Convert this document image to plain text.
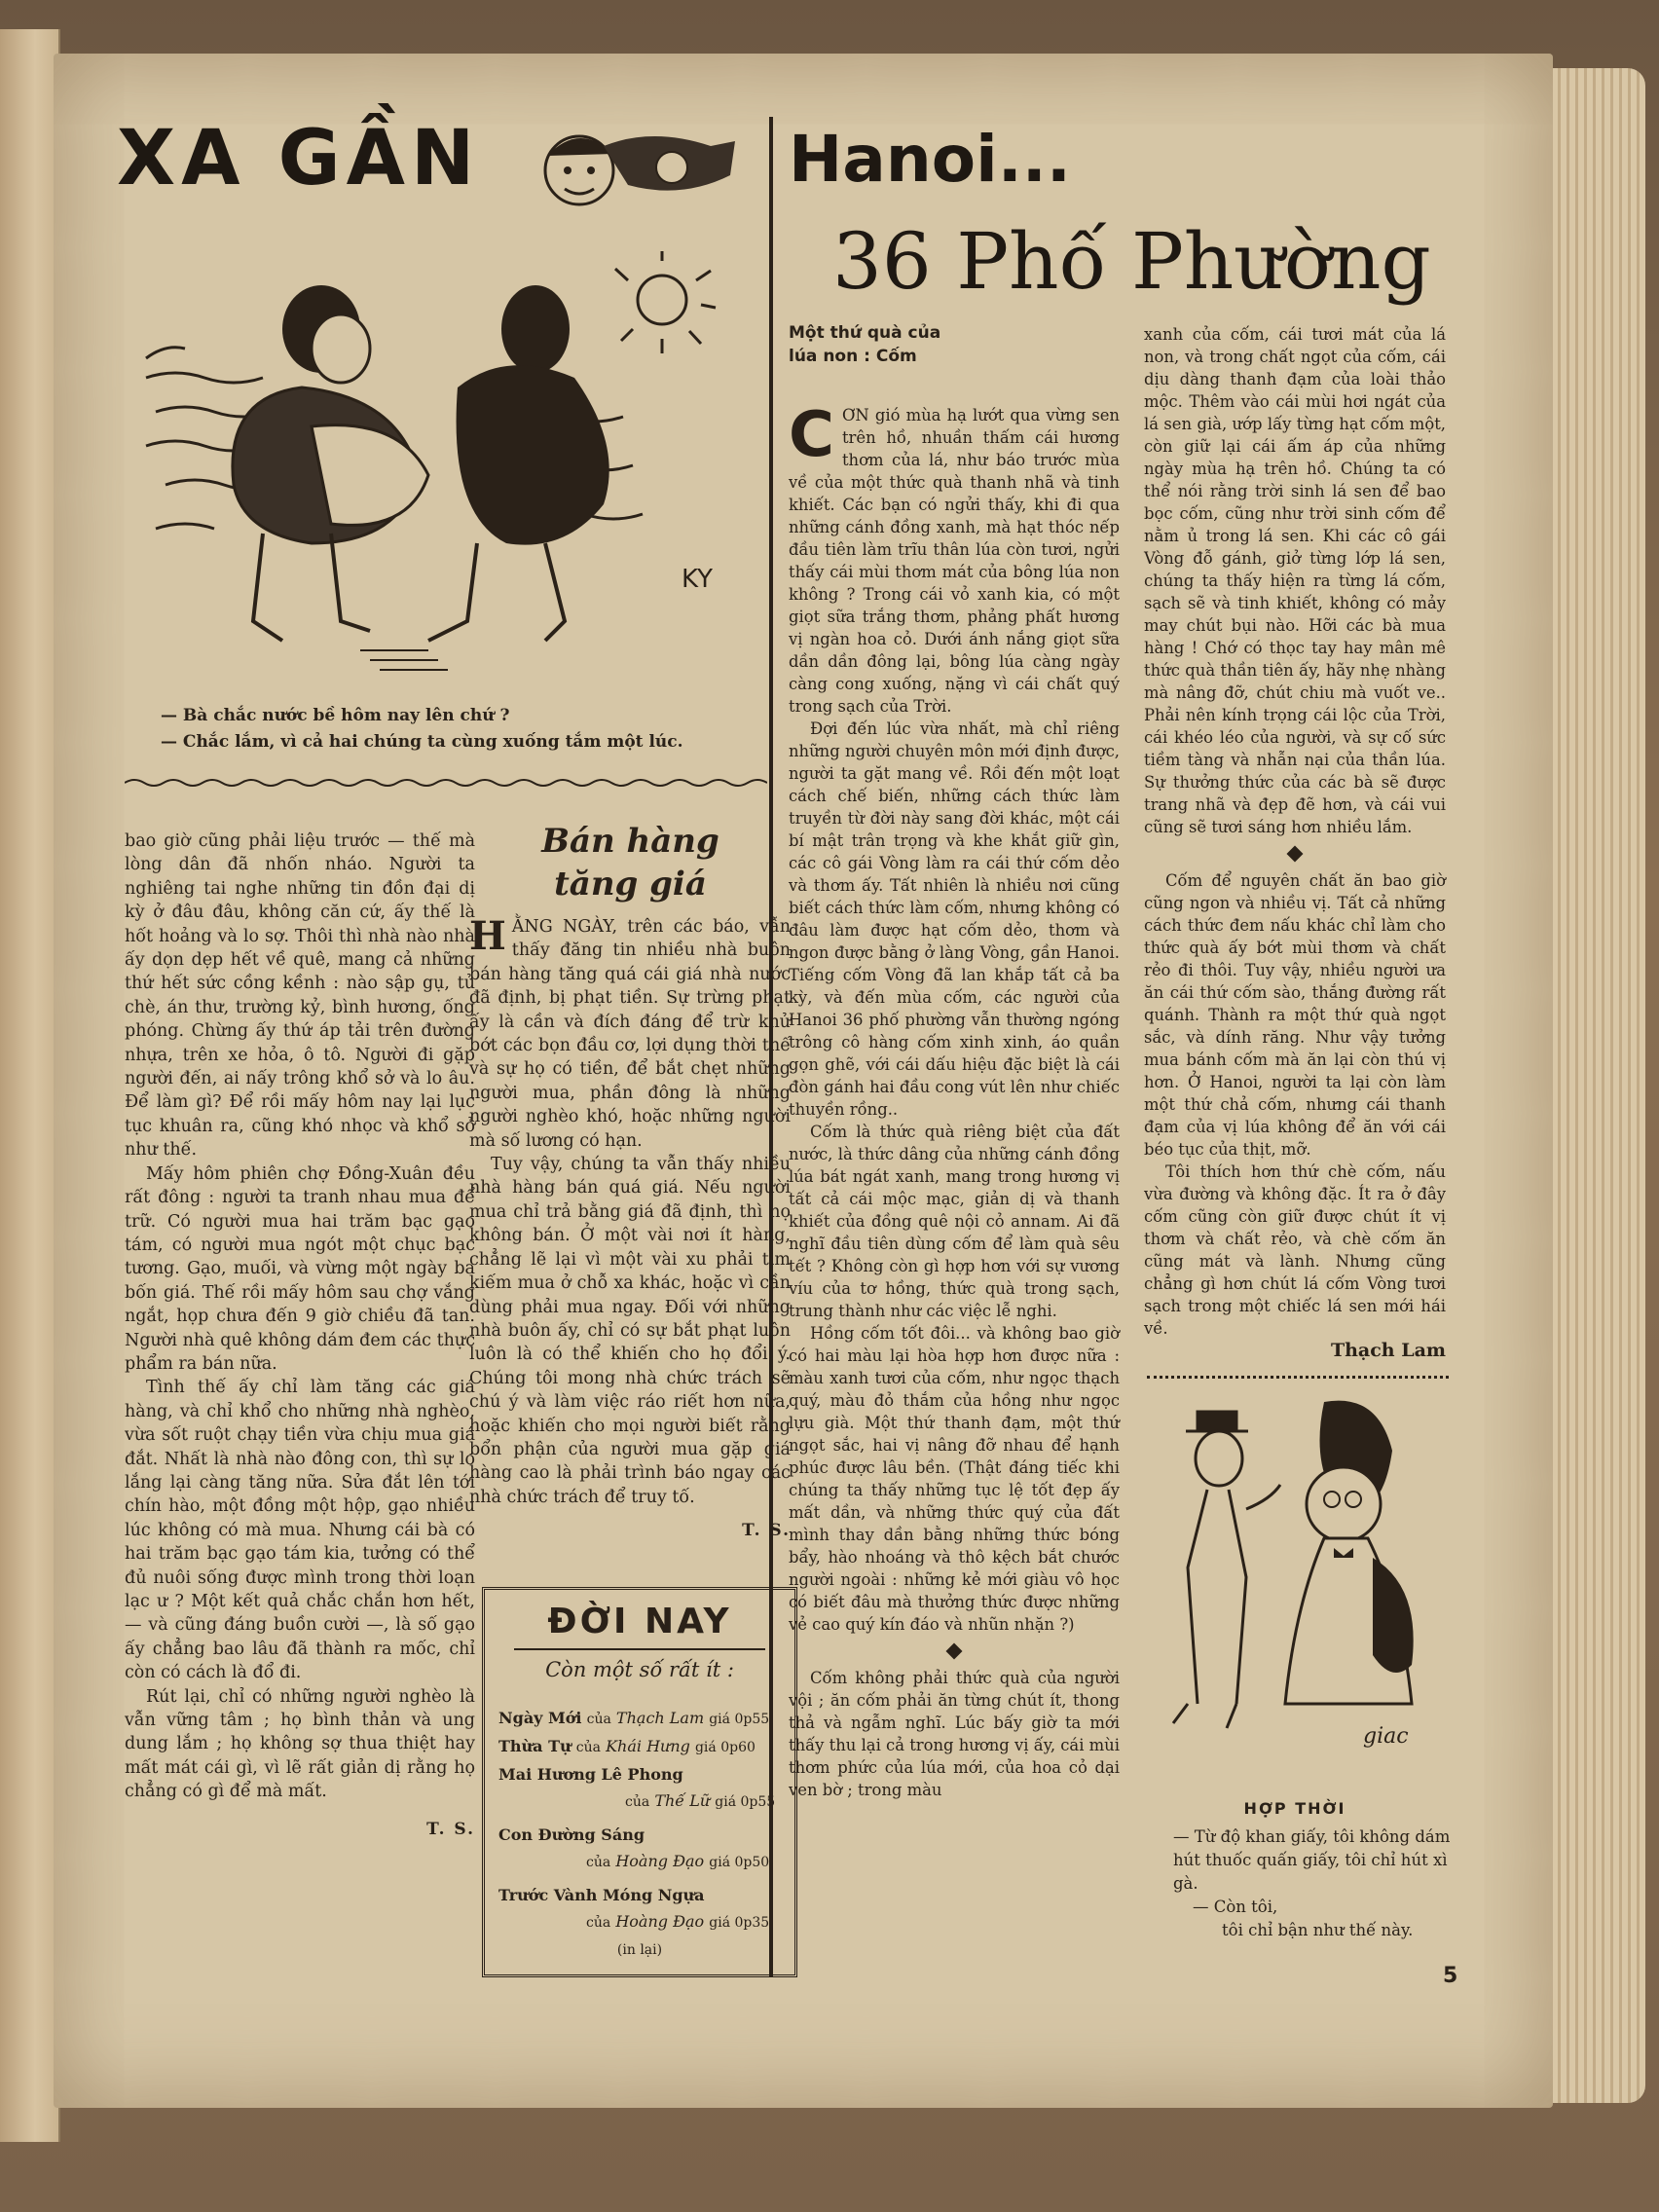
XA GẦN	Hanoi...
36 Phố Phường
KY
— Bà chắc nước bề hôm nay lên chứ ?
— Chắc lắm, vì cả hai chúng ta cùng xuống tắm một lúc.

bao giờ cũng phải liệu trước — thế mà lòng dân đã nhốn nháo. Người ta nghiêng tai nghe những tin đồn đại dị kỳ ở đâu đâu, không căn cứ, ấy thế là hốt hoảng và lo sợ. Thôi thì nhà nào nhà ấy dọn dẹp hết về quê, mang cả những thứ hết sức cồng kềnh : nào sập gụ, tủ chè, án thư, trường kỷ, bình hương, ống phóng. Chừng ấy thứ áp tải trên đường nhựa, trên xe hỏa, ô tô. Người đi gặp người đến, ai nấy trông khổ sở và lo âu. Để làm gì? Để rồi mấy hôm nay lại lục tục khuân ra, cũng khó nhọc và khổ sở như thế.

Mấy hôm phiên chợ Đồng-Xuân đều rất đông : người ta tranh nhau mua để trữ. Có người mua hai trăm bạc gạo tám, có người mua ngót một chục bạc tương. Gạo, muối, và vừng một ngày ba bốn giá. Thế rồi mấy hôm sau chợ vắng ngắt, họp chưa đến 9 giờ chiều đã tan. Người nhà quê không dám đem các thực phẩm ra bán nữa.

Tình thế ấy chỉ làm tăng các giá hàng, và chỉ khổ cho những nhà nghèo, vừa sốt ruột chạy tiền vừa chịu mua giá đắt. Nhất là nhà nào đông con, thì sự lo lắng lại càng tăng nữa. Sửa đắt lên tới chín hào, một đồng một hộp, gạo nhiều lúc không có mà mua. Nhưng cái bà có hai trăm bạc gạo tám kia, tưởng có thể đủ nuôi sống được mình trong thời loạn lạc ư ? Một kết quả chắc chắn hơn hết, — và cũng đáng buồn cười —, là số gạo ấy chẳng bao lâu đã thành ra mốc, chỉ còn có cách là đổ đi.

Rút lại, chỉ có những người nghèo là vẫn vững tâm ; họ bình thản và ung dung lắm ; họ không sợ thua thiệt hay mất mát cái gì, vì lẽ rất giản dị rằng họ chẳng có gì để mà mất.

T. S.
Bán hàng
tăng giá

HẰNG NGÀY, trên các báo, vẫn thấy đăng tin nhiều nhà buôn bán hàng tăng quá cái giá nhà nước đã định, bị phạt tiền. Sự trừng phạt ấy là cần và đích đáng để trừ khử bớt các bọn đầu cơ, lợi dụng thời thế và sự họ có tiền, để bắt chẹt những người mua, phần đông là những người nghèo khó, hoặc những người mà số lương có hạn.

Tuy vậy, chúng ta vẫn thấy nhiều nhà hàng bán quá giá. Nếu người mua chỉ trả bằng giá đã định, thì họ không bán. Ở một vài nơi ít hàng, chẳng lẽ lại vì một vài xu phải tìm kiếm mua ở chỗ xa khác, hoặc vì cần dùng phải mua ngay. Đối với những nhà buôn ấy, chỉ có sự bắt phạt luôn luôn là có thể khiến cho họ đổi ý. Chúng tôi mong nhà chức trách sẽ chú ý và làm việc ráo riết hơn nữa, hoặc khiến cho mọi người biết rằng bổn phận của người mua gặp giá hàng cao là phải trình báo ngay các nhà chức trách để truy tố.

T. S.
ĐỜI NAY
Còn một số rất ít :
Ngày Mới của Thạch Lam giá 0p55
Thừa Tự của Khái Hưng giá 0p60
Mai Hương Lê Phong
của Thế Lữ giá 0p55
Con Đường Sáng
của Hoàng Đạo giá 0p50
Trước Vành Móng Ngựa
của Hoàng Đạo giá 0p35
(in lại)
Một thứ quà của
lúa non : Cốm

CƠN gió mùa hạ lướt qua vừng sen trên hồ, nhuần thấm cái hương thơm của lá, như báo trước mùa về của một thức quà thanh nhã và tinh khiết. Các bạn có ngửi thấy, khi đi qua những cánh đồng xanh, mà hạt thóc nếp đầu tiên làm trĩu thân lúa còn tươi, ngửi thấy cái mùi thơm mát của bông lúa non không ? Trong cái vỏ xanh kia, có một giọt sữa trắng thơm, phảng phất hương vị ngàn hoa cỏ. Dưới ánh nắng giọt sữa dần dần đông lại, bông lúa càng ngày càng cong xuống, nặng vì cái chất quý trong sạch của Trời.

Đợi đến lúc vừa nhất, mà chỉ riêng những người chuyên môn mới định được, người ta gặt mang về. Rồi đến một loạt cách chế biến, những cách thức làm truyền từ đời này sang đời khác, một cái bí mật trân trọng và khe khắt giữ gìn, các cô gái Vòng làm ra cái thứ cốm dẻo và thơm ấy. Tất nhiên là nhiều nơi cũng biết cách thức làm cốm, nhưng không có đâu làm được hạt cốm dẻo, thơm và ngon được bằng ở làng Vòng, gần Hanoi. Tiếng cốm Vòng đã lan khắp tất cả ba kỳ, và đến mùa cốm, các người của Hanoi 36 phố phường vẫn thường ngóng trông cô hàng cốm xinh xinh, áo quần gọn ghẽ, với cái dấu hiệu đặc biệt là cái đòn gánh hai đầu cong vút lên như chiếc thuyền rồng..

Cốm là thức quà riêng biệt của đất nước, là thức dâng của những cánh đồng lúa bát ngát xanh, mang trong hương vị tất cả cái mộc mạc, giản dị và thanh khiết của đồng quê nội cỏ annam. Ai đã nghĩ đầu tiên dùng cốm để làm quà sêu tết ? Không còn gì hợp hơn với sự vương víu của tơ hồng, thức quà trong sạch, trung thành như các việc lễ nghi.

Hồng cốm tốt đôi... và không bao giờ có hai màu lại hòa hợp hơn được nữa : màu xanh tươi của cốm, như ngọc thạch quý, màu đỏ thắm của hồng như ngọc lựu già. Một thứ thanh đạm, một thứ ngọt sắc, hai vị nâng đỡ nhau để hạnh phúc được lâu bền. (Thật đáng tiếc khi chúng ta thấy những tục lệ tốt đẹp ấy mất dần, và những thức quý của đất mình thay dần bằng những thức bóng bẩy, hào nhoáng và thô kệch bắt chước người ngoài : những kẻ mới giàu vô học có biết đâu mà thưởng thức được những vẻ cao quý kín đáo và nhũn nhặn ?)

Cốm không phải thức quà của người vội ; ăn cốm phải ăn từng chút ít, thong thả và ngẫm nghĩ. Lúc bấy giờ ta mới thấy thu lại cả trong hương vị ấy, cái mùi thơm phức của lúa mới, của hoa cỏ dại ven bờ ; trong màu

xanh của cốm, cái tươi mát của lá non, và trong chất ngọt của cốm, cái dịu dàng thanh đạm của loài thảo mộc. Thêm vào cái mùi hơi ngát của lá sen già, ướp lấy từng hạt cốm một, còn giữ lại cái ấm áp của những ngày mùa hạ trên hồ. Chúng ta có thể nói rằng trời sinh lá sen để bao bọc cốm, cũng như trời sinh cốm để nằm ủ trong lá sen. Khi các cô gái Vòng đỗ gánh, giở từng lớp lá sen, chúng ta thấy hiện ra từng lá cốm, sạch sẽ và tinh khiết, không có mảy may chút bụi nào. Hỡi các bà mua hàng ! Chớ có thọc tay hay mân mê thức quà thần tiên ấy, hãy nhẹ nhàng mà nâng đỡ, chút chiu mà vuốt ve.. Phải nên kính trọng cái lộc của Trời, cái khéo léo của người, và sự cố sức tiềm tàng và nhẫn nại của thần lúa. Sự thưởng thức của các bà sẽ được trang nhã và đẹp đẽ hơn, và cái vui cũng sẽ tươi sáng hơn nhiều lắm.

Cốm để nguyên chất ăn bao giờ cũng ngon và nhiều vị. Tất cả những cách thức đem nấu khác chỉ làm cho thức quà ấy bớt mùi thơm và chất rẻo đi thôi. Tuy vậy, nhiều người ưa ăn cái thứ cốm sào, thắng đường rất quánh. Thành ra một thứ quà ngọt sắc, và dính răng. Như vậy tưởng mua bánh cốm mà ăn lại còn thú vị hơn. Ở Hanoi, người ta lại còn làm một thứ chả cốm, nhưng cái thanh đạm của vị lúa không để ăn với cái béo tục của thịt, mỡ.

Tôi thích hơn thứ chè cốm, nấu vừa đường và không đặc. Ít ra ở đây cốm cũng còn giữ được chút ít vị thơm và chất rẻo, và chè cốm ăn cũng mát và lành. Nhưng cũng chẳng gì hơn chút lá cốm Vòng tươi sạch trong một chiếc lá sen mới hái về.

Thạch Lam
giac
HỢP THỜI
— Từ độ khan giấy, tôi không dám hút thuốc quấn giấy, tôi chỉ hút xì gà.
— Còn tôi,
tôi chỉ bận như thế này.
5
